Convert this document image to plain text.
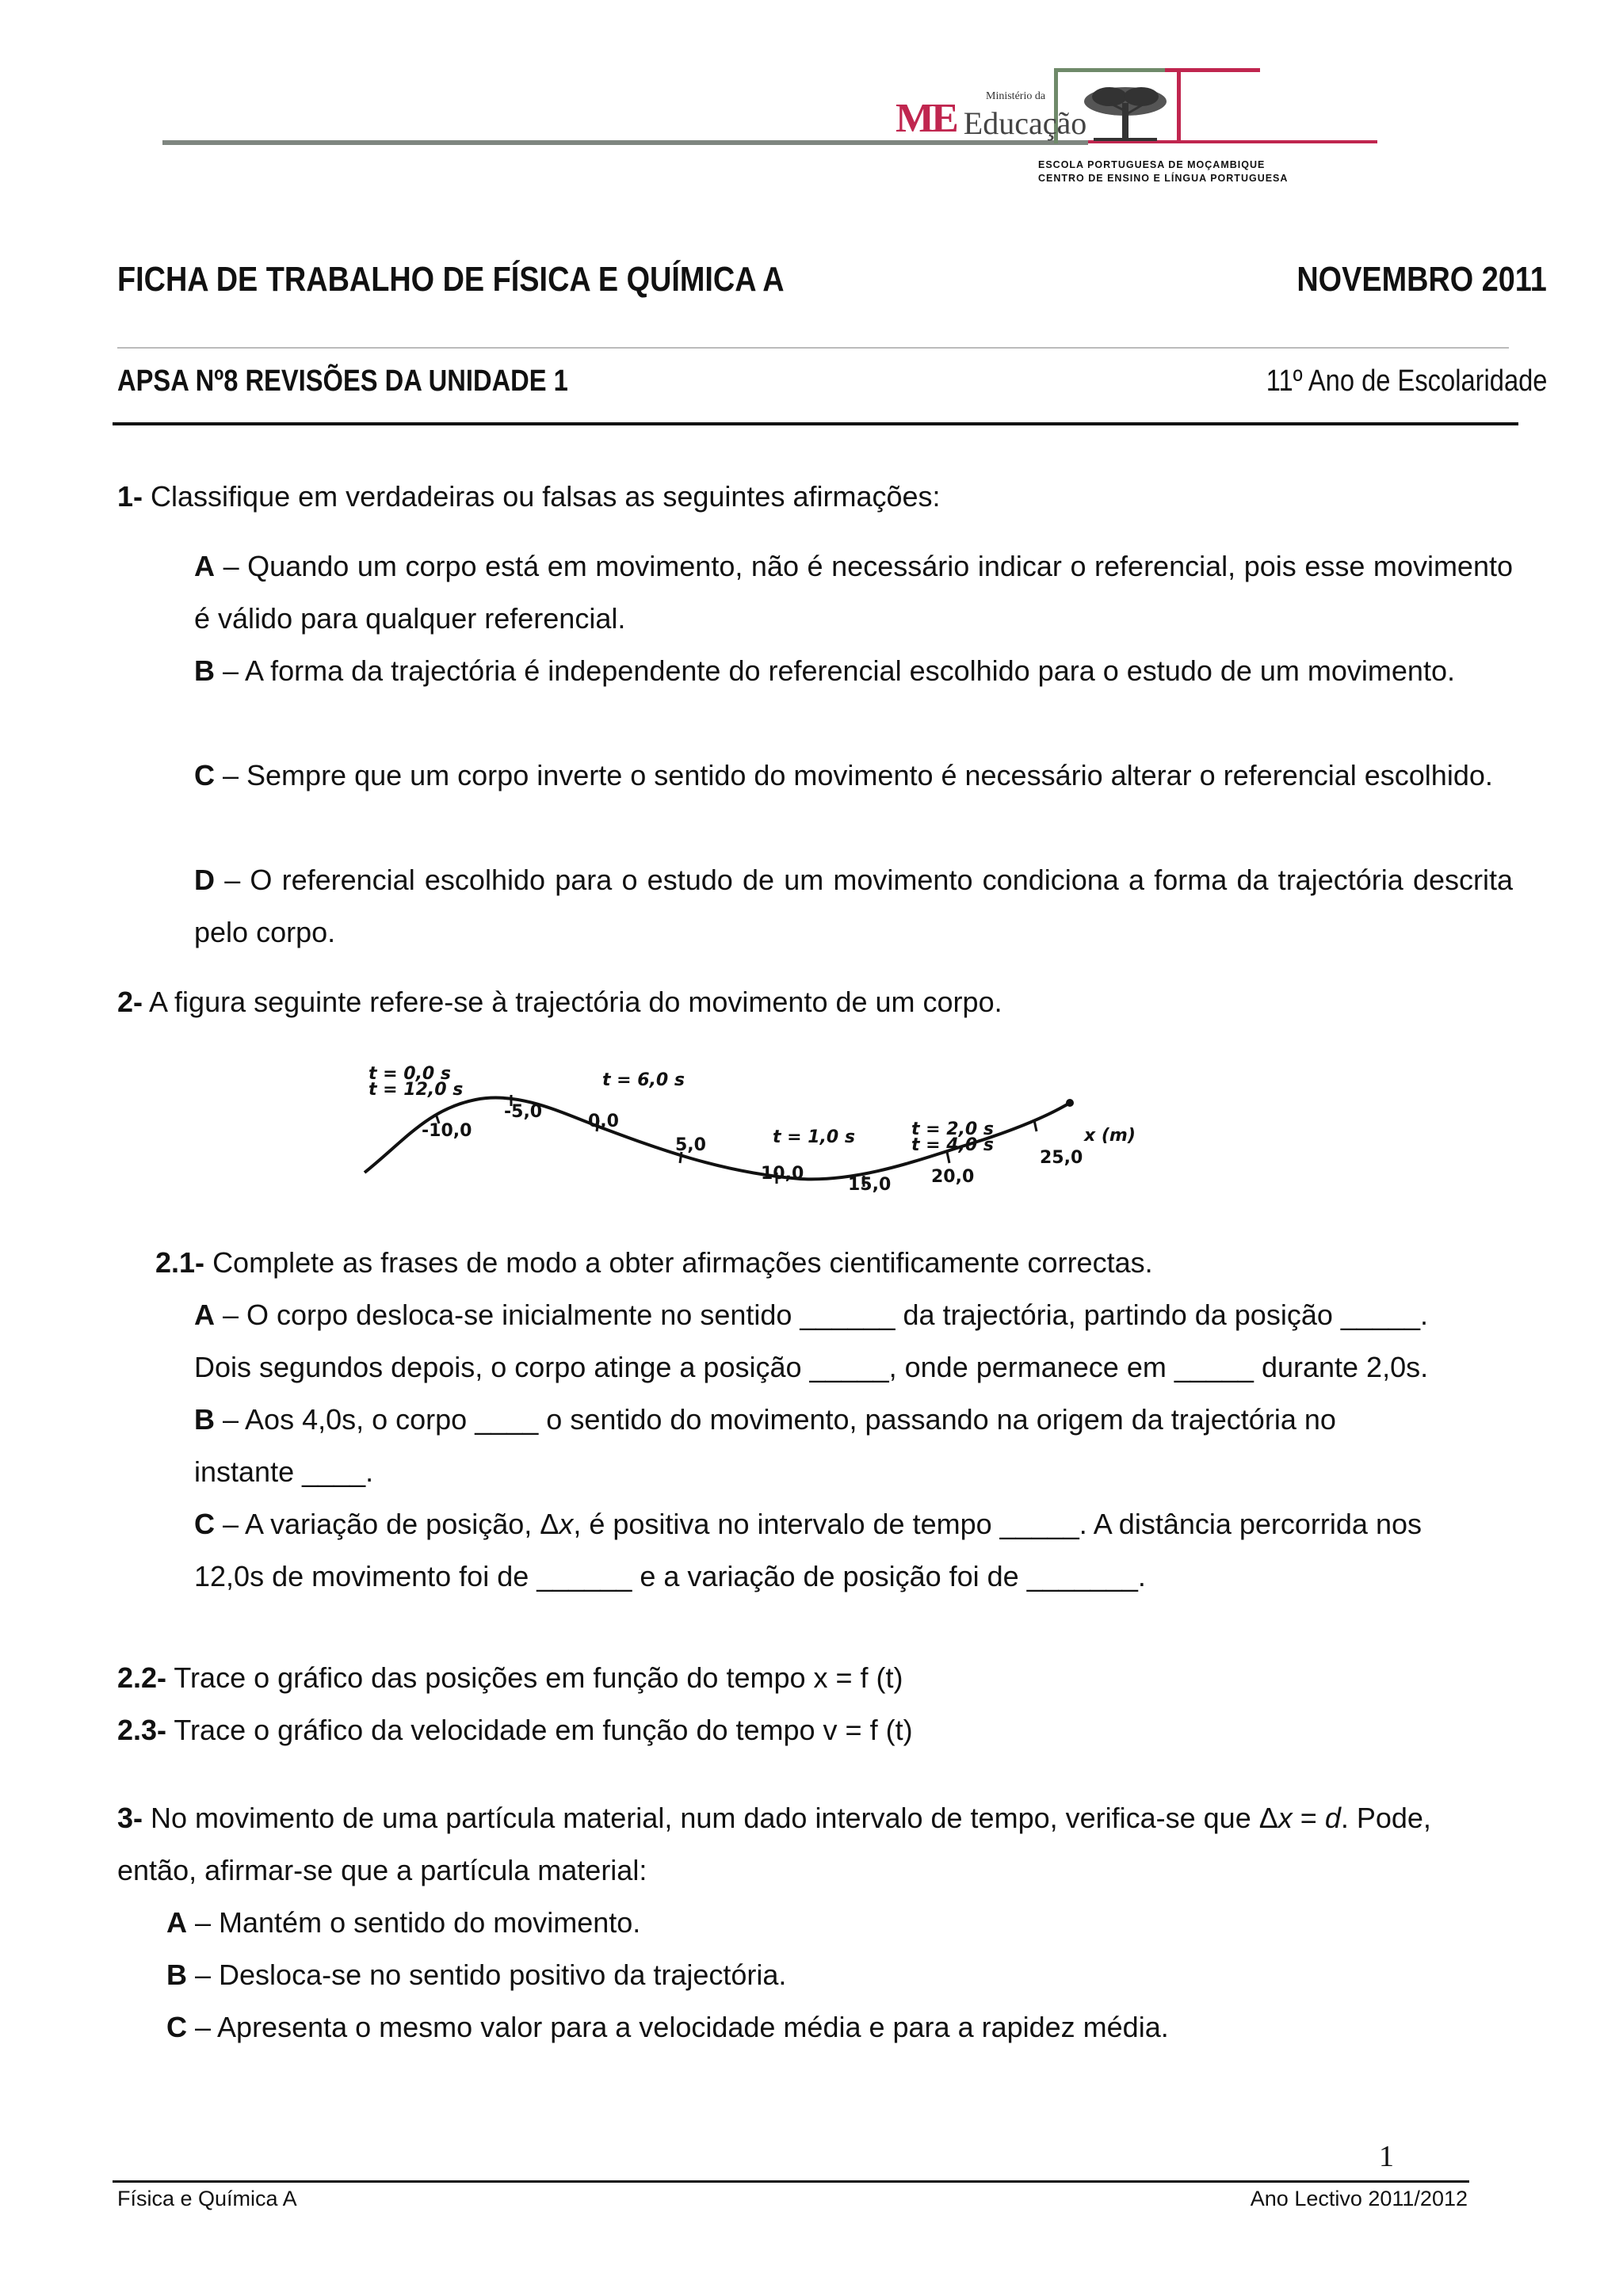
ME	Ministério da
Educação
ESCOLA PORTUGUESA DE MOÇAMBIQUE
CENTRO DE ENSINO E LÍNGUA PORTUGUESA
FICHA DE TRABALHO DE FÍSICA E QUÍMICA A	NOVEMBRO 2011
APSA Nº8 REVISÕES DA UNIDADE 1	11º Ano de Escolaridade
1- Classifique em verdadeiras ou falsas as seguintes afirmações:
A – Quando um corpo está em movimento, não é necessário indicar o referencial, pois esse movimento é válido para qualquer referencial.
B – A forma da trajectória é independente do referencial escolhido para o estudo de um movimento.
C – Sempre que um corpo inverte o sentido do movimento é necessário alterar o referencial escolhido.
D – O referencial escolhido para o estudo de um movimento condiciona a forma da trajectória descrita pelo corpo.
2- A figura seguinte refere-se à trajectória do movimento de um corpo.
t = 0,0 s
t = 12,0 s	t = 6,0 s
t = 1,0 s	t = 2,0 s
t = 4,0 s
-10,0
-5,0	0,0
5,0
10,0
15,0 20,0
25,0
x (m)
2.1- Complete as frases de modo a obter afirmações cientificamente correctas.
A – O corpo desloca-se inicialmente no sentido ______ da trajectória, partindo da posição _____.
Dois segundos depois, o corpo atinge a posição _____, onde permanece em _____ durante 2,0s.
B – Aos 4,0s, o corpo ____ o sentido do movimento, passando na origem da trajectória no
instante ____.
C – A variação de posição, Δx, é positiva no intervalo de tempo _____. A distância percorrida nos
12,0s de movimento foi de ______ e a variação de posição foi de _______.
2.2- Trace o gráfico das posições em função do tempo x = f (t)
2.3- Trace o gráfico da velocidade em função do tempo v = f (t)
3- No movimento de uma partícula material, num dado intervalo de tempo, verifica-se que Δx = d. Pode,
então, afirmar-se que a partícula material:
A – Mantém o sentido do movimento.
B – Desloca-se no sentido positivo da trajectória.
C – Apresenta o mesmo valor para a velocidade média e para a rapidez média.
1
Física e Química A	Ano Lectivo 2011/2012
